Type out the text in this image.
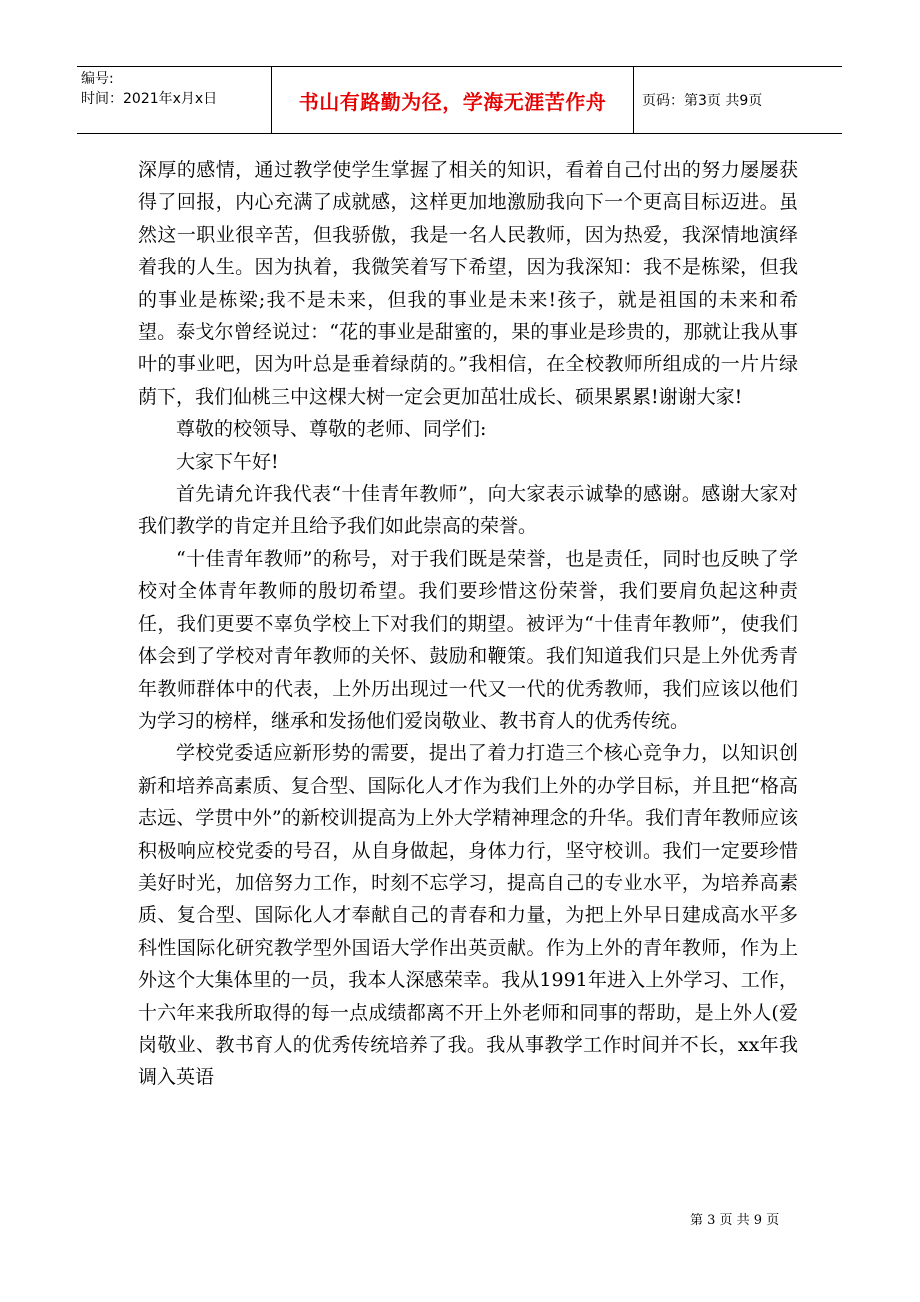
编号:
时间：2021年x月x日	书山有路勤为径，学海无涯苦作舟	页码：第3页 共9页

深厚的感情，通过教学使学生掌握了相关的知识，看着自己付出的努力屡屡获得了回报，内心充满了成就感，这样更加地激励我向下一个更高目标迈进。虽然这一职业很辛苦，但我骄傲，我是一名人民教师，因为热爱，我深情地演绎着我的人生。因为执着，我微笑着写下希望，因为我深知：我不是栋梁，但我的事业是栋梁;我不是未来，但我的事业是未来!孩子，就是祖国的未来和希望。泰戈尔曾经说过：“花的事业是甜蜜的，果的事业是珍贵的，那就让我从事叶的事业吧，因为叶总是垂着绿荫的。”我相信，在全校教师所组成的一片片绿荫下，我们仙桃三中这棵大树一定会更加茁壮成长、硕果累累!谢谢大家!

尊敬的校领导、尊敬的老师、同学们:

大家下午好!

首先请允许我代表“十佳青年教师”，向大家表示诚挚的感谢。感谢大家对我们教学的肯定并且给予我们如此崇高的荣誉。

“十佳青年教师”的称号，对于我们既是荣誉，也是责任，同时也反映了学校对全体青年教师的殷切希望。我们要珍惜这份荣誉，我们要肩负起这种责任，我们更要不辜负学校上下对我们的期望。被评为“十佳青年教师”，使我们体会到了学校对青年教师的关怀、鼓励和鞭策。我们知道我们只是上外优秀青年教师群体中的代表，上外历出现过一代又一代的优秀教师，我们应该以他们为学习的榜样，继承和发扬他们爱岗敬业、教书育人的优秀传统。

学校党委适应新形势的需要，提出了着力打造三个核心竞争力，以知识创新和培养高素质、复合型、国际化人才作为我们上外的办学目标，并且把“格高志远、学贯中外”的新校训提高为上外大学精神理念的升华。我们青年教师应该积极响应校党委的号召，从自身做起，身体力行，坚守校训。我们一定要珍惜美好时光，加倍努力工作，时刻不忘学习，提高自己的专业水平，为培养高素质、复合型、国际化人才奉献自己的青春和力量，为把上外早日建成高水平多科性国际化研究教学型外国语大学作出英贡献。作为上外的青年教师，作为上外这个大集体里的一员，我本人深感荣幸。我从1991年进入上外学习、工作，十六年来我所取得的每一点成绩都离不开上外老师和同事的帮助，是上外人(爱岗敬业、教书育人的优秀传统培养了我。我从事教学工作时间并不长，xx年我调入英语

第 3 页 共 9 页
